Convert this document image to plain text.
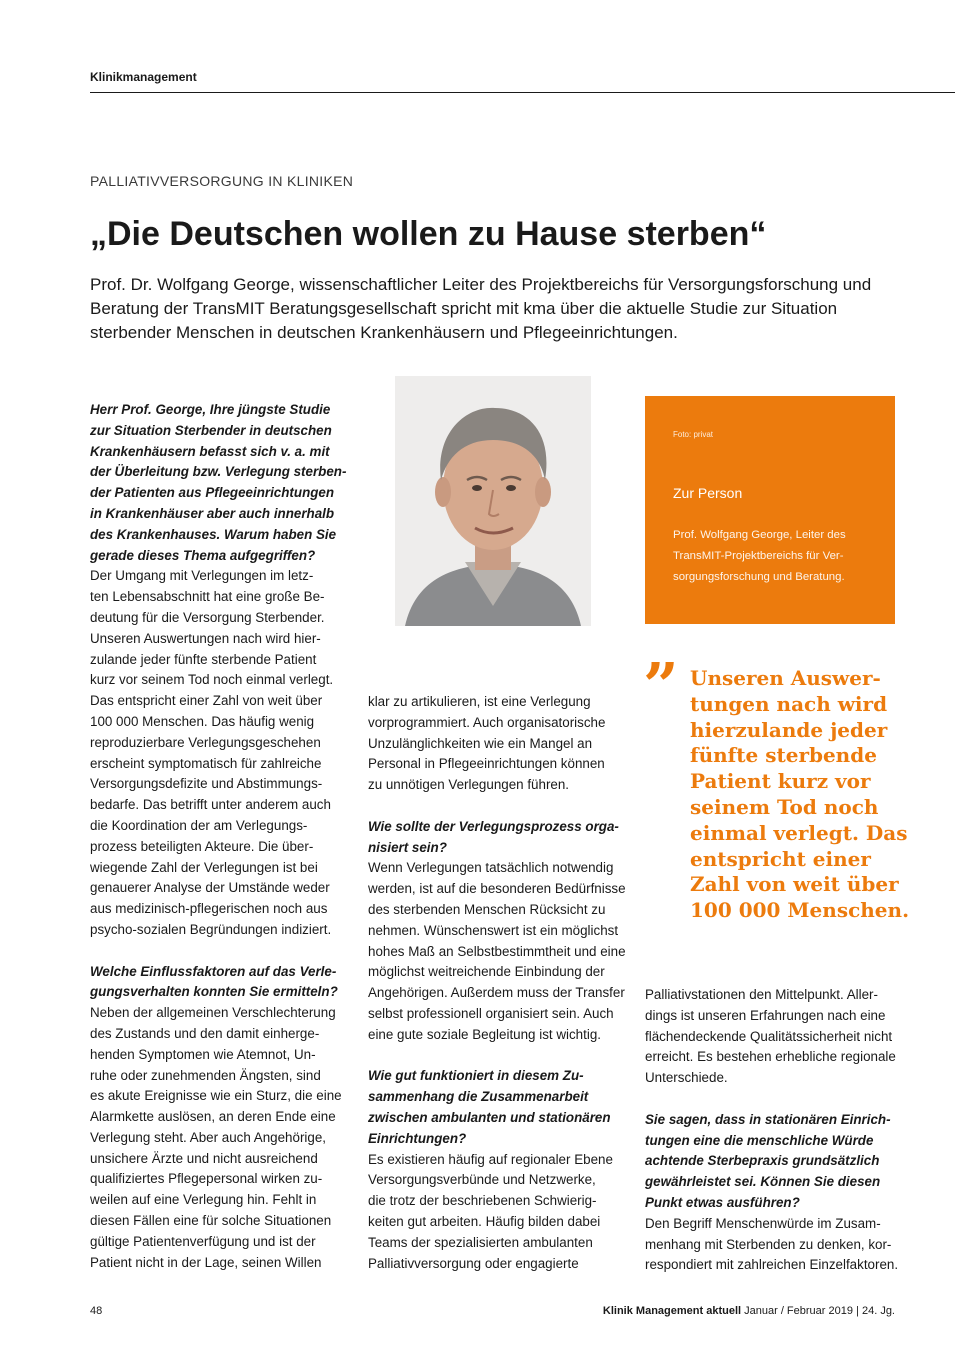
Klinikmanagement
PALLIATIVVERSORGUNG IN KLINIKEN
„Die Deutschen wollen zu Hause sterben“

Prof. Dr. Wolfgang George, wissenschaftlicher Leiter des Projektbereichs für Versorgungsforschung und Beratung der TransMIT Beratungsgesellschaft spricht mit kma über die aktuelle Studie zur Situation sterbender Menschen in deutschen Krankenhäusern und Pflegeeinrichtungen.

Herr Prof. George, Ihre jüngste Studie
zur Situation Sterbender in deutschen
Krankenhäusern befasst sich v. a. mit
der Überleitung bzw. Verlegung sterben-
der Patienten aus Pflegeeinrichtungen
in Krankenhäuser aber auch innerhalb
des Krankenhauses. Warum haben Sie
gerade dieses Thema aufgegriffen?
Der Umgang mit Verlegungen im letz-
ten Lebensabschnitt hat eine große Be-
deutung für die Versorgung Sterbender.
Unseren Auswertungen nach wird hier-
zulande jeder fünfte sterbende Patient
kurz vor seinem Tod noch einmal verlegt.
Das entspricht einer Zahl von weit über
100 000 Menschen. Das häufig wenig
reproduzierbare Verlegungsgeschehen
erscheint symptomatisch für zahlreiche
Versorgungsdefizite und Abstimmungs-
bedarfe. Das betrifft unter anderem auch
die Koordination der am Verlegungs-
prozess beteiligten Akteure. Die über-
wiegende Zahl der Verlegungen ist bei
genauerer Analyse der Umstände weder
aus medizinisch-pflegerischen noch aus
psycho-sozialen Begründungen indiziert.
Welche Einflussfaktoren auf das Verle-
gungsverhalten konnten Sie ermitteln?
Neben der allgemeinen Verschlechterung
des Zustands und den damit einherge-
henden Symptomen wie Atemnot, Un-
ruhe oder zunehmenden Ängsten, sind
es akute Ereignisse wie ein Sturz, die eine
Alarmkette auslösen, an deren Ende eine
Verlegung steht. Aber auch Angehörige,
unsichere Ärzte und nicht ausreichend
qualifiziertes Pflegepersonal wirken zu-
weilen auf eine Verlegung hin. Fehlt in
diesen Fällen eine für solche Situationen
gültige Patientenverfügung und ist der
Patient nicht in der Lage, seinen Willen
Foto: privat
Zur Person
Prof. Wolfgang George, Leiter des
TransMIT-Projektbereichs für Ver-
sorgungsforschung und Beratung.
” Unseren Auswer-
tungen nach wird
hierzulande jeder
fünfte sterbende
Patient kurz vor
seinem Tod noch
einmal verlegt. Das
entspricht einer
Zahl von weit über
100 000 Menschen.
klar zu artikulieren, ist eine Verlegung
vorprogrammiert. Auch organisatorische
Unzulänglichkeiten wie ein Mangel an
Personal in Pflegeeinrichtungen können
zu unnötigen Verlegungen führen.
Wie sollte der Verlegungsprozess orga-
nisiert sein?
Wenn Verlegungen tatsächlich notwendig
werden, ist auf die besonderen Bedürfnisse
des sterbenden Menschen Rücksicht zu
nehmen. Wünschenswert ist ein möglichst
hohes Maß an Selbstbestimmtheit und eine
möglichst weitreichende Einbindung der
Angehörigen. Außerdem muss der Transfer
selbst professionell organisiert sein. Auch
eine gute soziale Begleitung ist wichtig.
Wie gut funktioniert in diesem Zu-
sammenhang die Zusammenarbeit
zwischen ambulanten und stationären
Einrichtungen?
Es existieren häufig auf regionaler Ebene
Versorgungsverbünde und Netzwerke,
die trotz der beschriebenen Schwierig-
keiten gut arbeiten. Häufig bilden dabei
Teams der spezialisierten ambulanten
Palliativversorgung oder engagierte
Palliativstationen den Mittelpunkt. Aller-
dings ist unseren Erfahrungen nach eine
flächendeckende Qualitätssicherheit nicht
erreicht. Es bestehen erhebliche regionale
Unterschiede.
Sie sagen, dass in stationären Einrich-
tungen eine die menschliche Würde
achtende Sterbepraxis grundsätzlich
gewährleistet sei. Können Sie diesen
Punkt etwas ausführen?
Den Begriff Menschenwürde im Zusam-
menhang mit Sterbenden zu denken, kor-
respondiert mit zahlreichen Einzelfaktoren.
48	Klinik Management aktuell Januar / Februar 2019 | 24. Jg.
